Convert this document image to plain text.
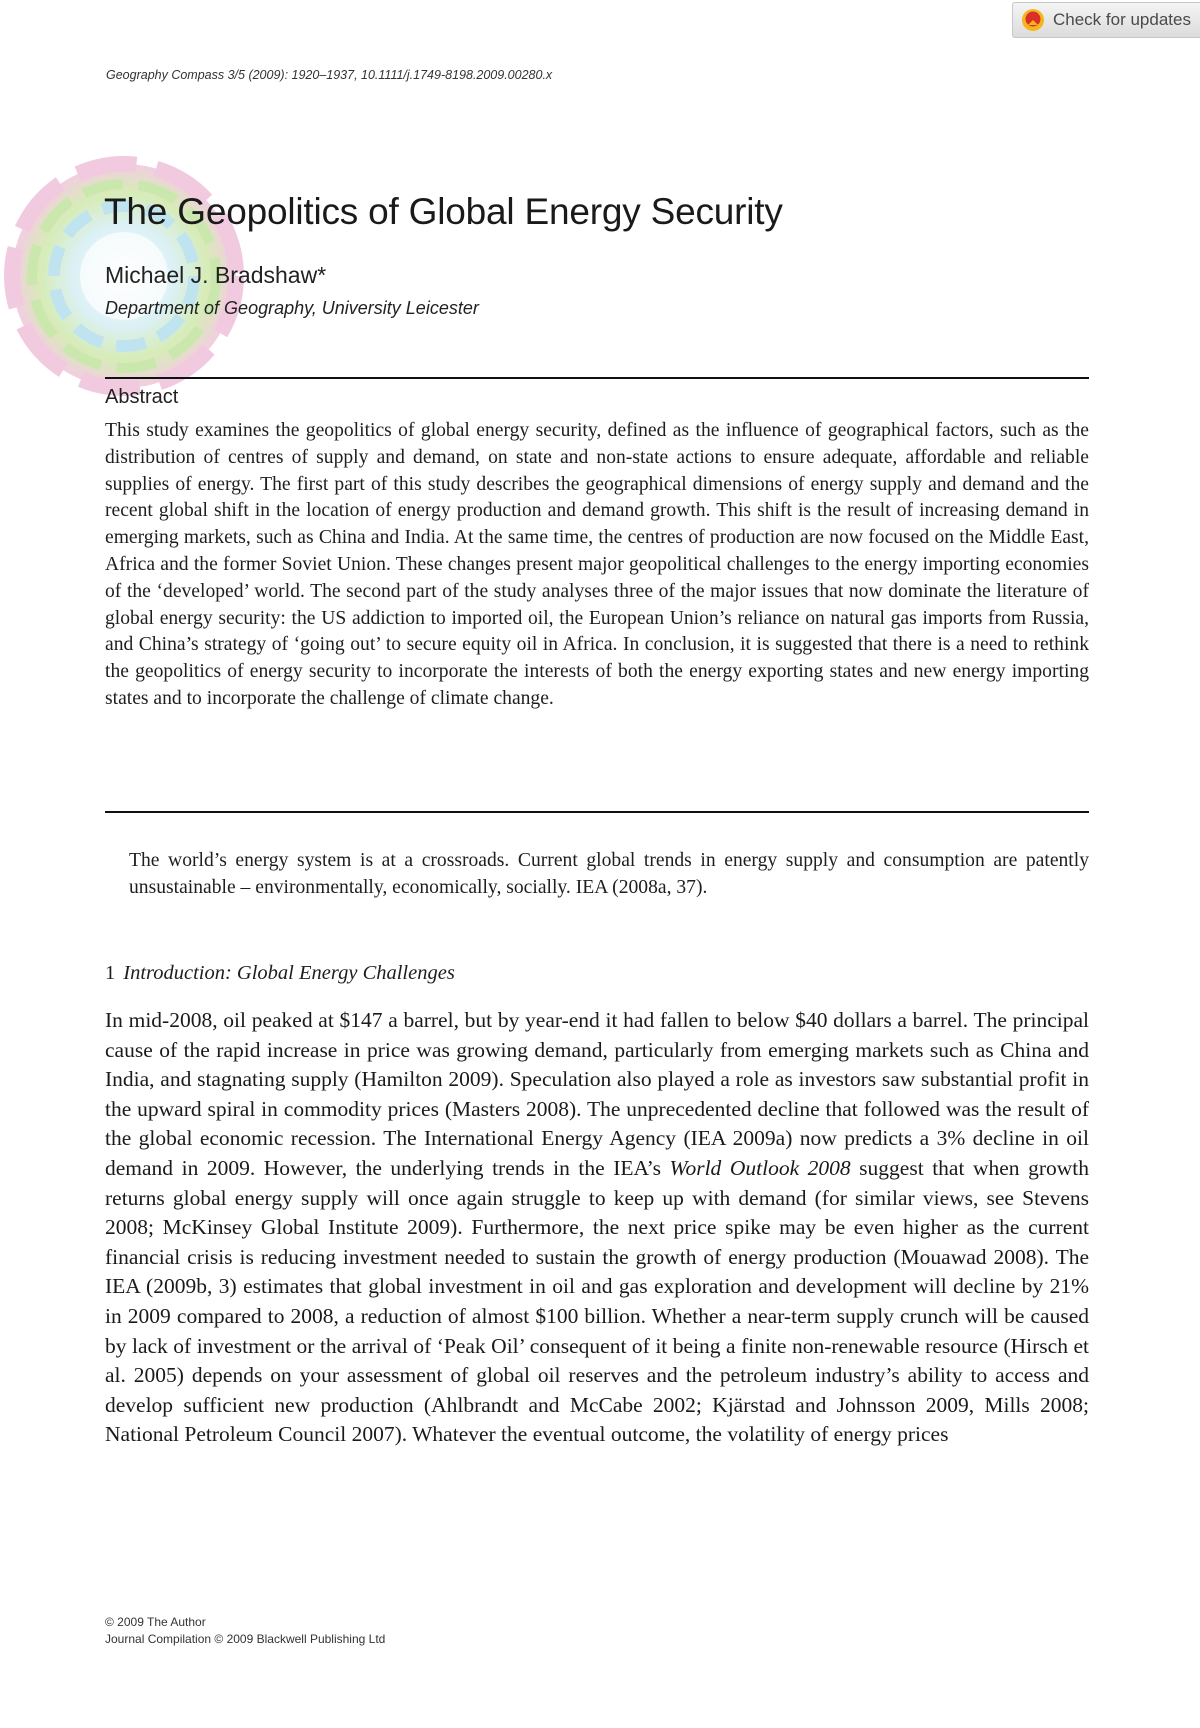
Check for updates
Geography Compass 3/5 (2009): 1920–1937, 10.1111/j.1749-8198.2009.00280.x
The Geopolitics of Global Energy Security
Michael J. Bradshaw*
Department of Geography, University Leicester
Abstract

This study examines the geopolitics of global energy security, defined as the influence of geographical factors, such as the distribution of centres of supply and demand, on state and non-state actions to ensure adequate, affordable and reliable supplies of energy. The first part of this study describes the geographical dimensions of energy supply and demand and the recent global shift in the location of energy production and demand growth. This shift is the result of increasing demand in emerging markets, such as China and India. At the same time, the centres of production are now focused on the Middle East, Africa and the former Soviet Union. These changes present major geopolitical challenges to the energy importing economies of the ‘developed’ world. The second part of the study analyses three of the major issues that now dominate the literature of global energy security: the US addiction to imported oil, the European Union’s reliance on natural gas imports from Russia, and China’s strategy of ‘going out’ to secure equity oil in Africa. In conclusion, it is suggested that there is a need to rethink the geopolitics of energy security to incorporate the interests of both the energy exporting states and new energy importing states and to incorporate the challenge of climate change.

The world’s energy system is at a crossroads. Current global trends in energy supply and consumption are patently unsustainable – environmentally, economically, socially. IEA (2008a, 37).

1 Introduction: Global Energy Challenges

In mid-2008, oil peaked at $147 a barrel, but by year-end it had fallen to below $40 dollars a barrel. The principal cause of the rapid increase in price was growing demand, particularly from emerging markets such as China and India, and stagnating supply (Hamilton 2009). Speculation also played a role as investors saw substantial profit in the upward spiral in commodity prices (Masters 2008). The unprecedented decline that followed was the result of the global economic recession. The International Energy Agency (IEA 2009a) now predicts a 3% decline in oil demand in 2009. However, the underlying trends in the IEA’s World Outlook 2008 suggest that when growth returns global energy supply will once again struggle to keep up with demand (for similar views, see Stevens 2008; McKinsey Global Institute 2009). Furthermore, the next price spike may be even higher as the current financial crisis is reducing investment needed to sustain the growth of energy production (Mouawad 2008). The IEA (2009b, 3) estimates that global investment in oil and gas exploration and development will decline by 21% in 2009 compared to 2008, a reduction of almost $100 billion. Whether a near-term supply crunch will be caused by lack of investment or the arrival of ‘Peak Oil’ consequent of it being a finite non-renewable resource (Hirsch et al. 2005) depends on your assessment of global oil reserves and the petroleum industry’s ability to access and develop sufficient new production (Ahlbrandt and McCabe 2002; Kjärstad and Johnsson 2009, Mills 2008; National Petroleum Council 2007). Whatever the eventual outcome, the volatility of energy prices

© 2009 The Author
Journal Compilation © 2009 Blackwell Publishing Ltd
